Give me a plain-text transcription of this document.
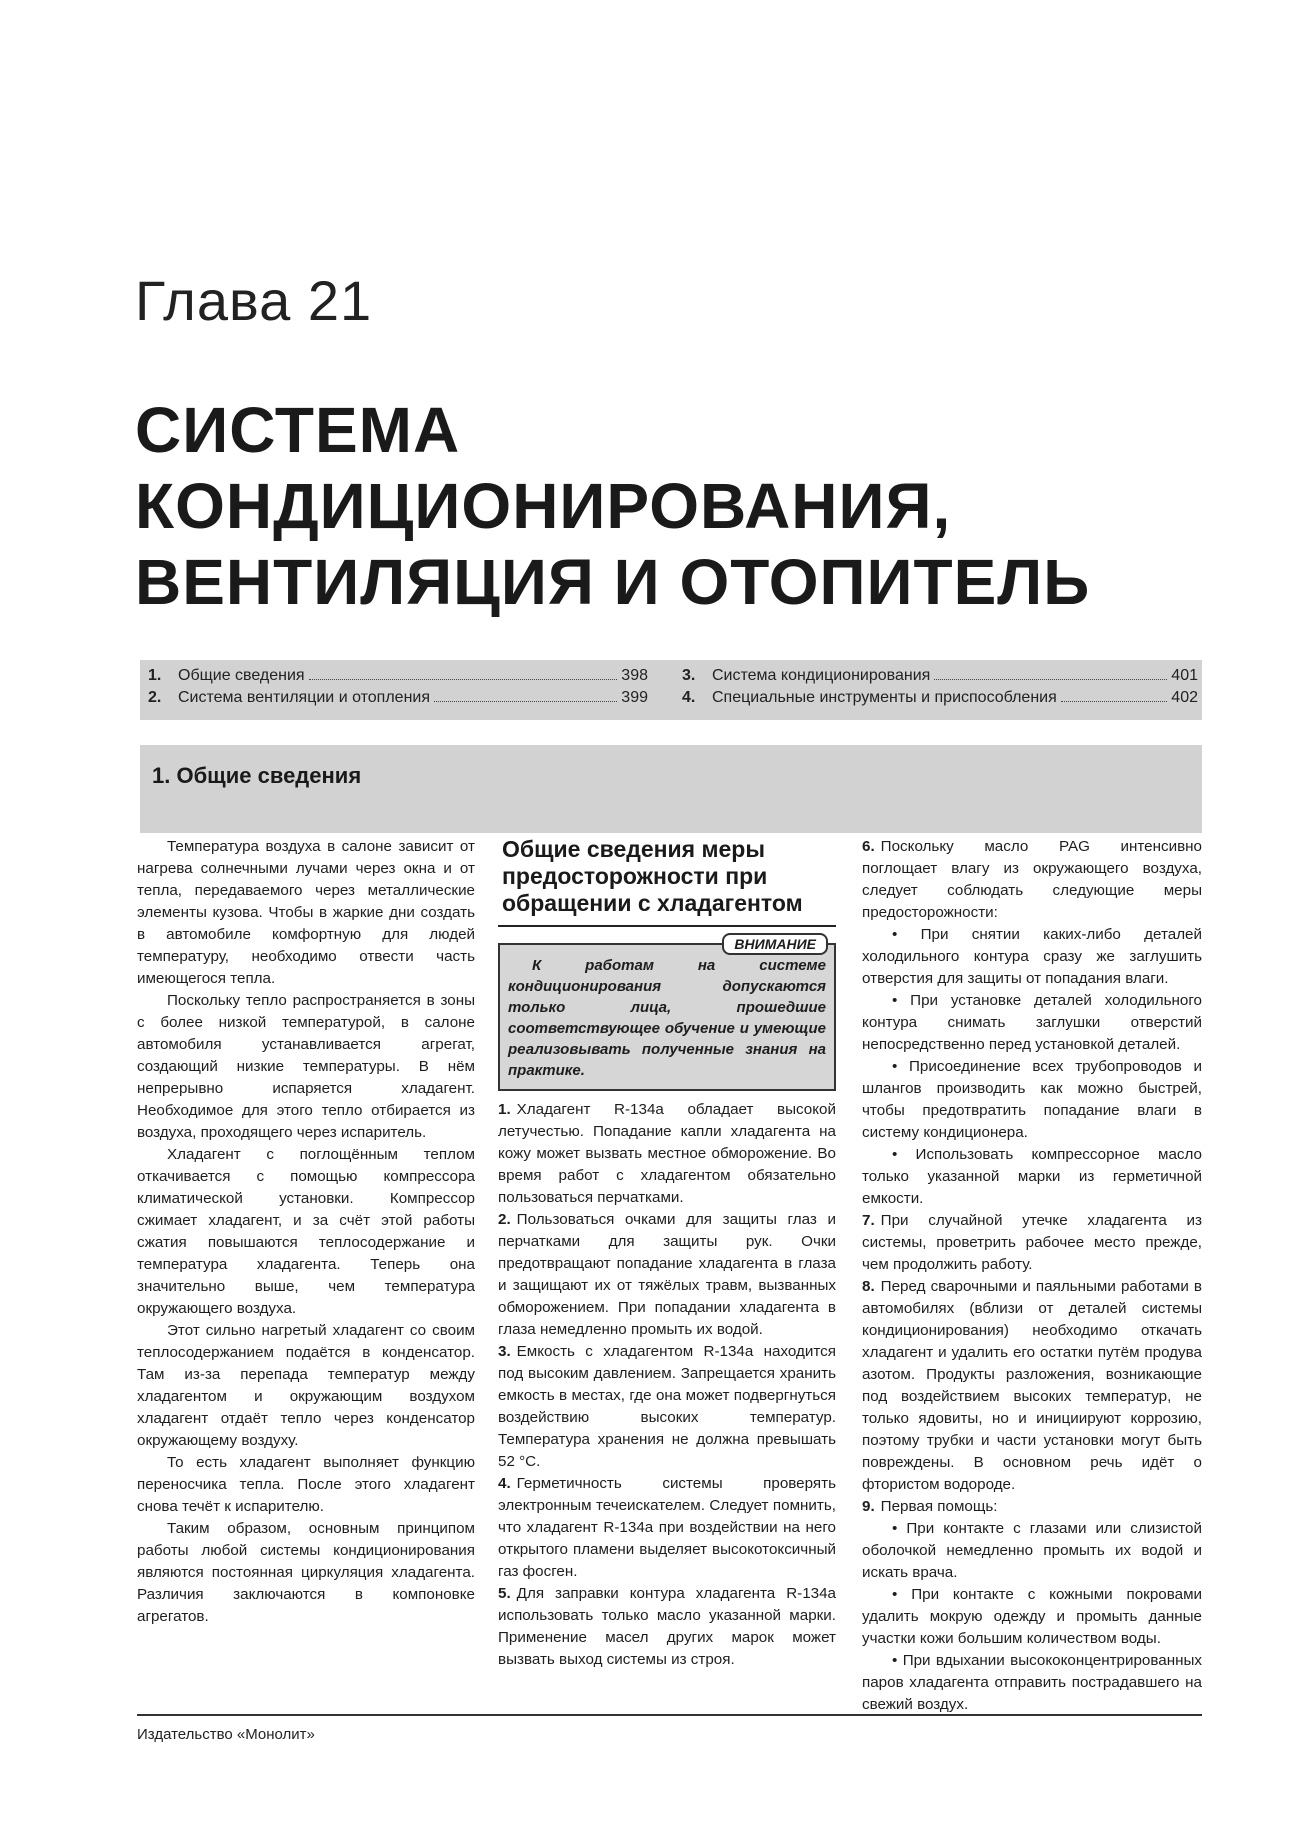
Глава 21
СИСТЕМА
КОНДИЦИОНИРОВАНИЯ,
ВЕНТИЛЯЦИЯ И ОТОПИТЕЛЬ
1.	Общие сведения	398
2.	Система вентиляции и отопления	399
3.	Система кондиционирования	401
4.	Специальные инструменты и приспособления	402
1. Общие сведения

Температура воздуха в салоне зависит от нагрева солнечными лучами через окна и от тепла, передаваемого через металлические элементы кузова. Чтобы в жаркие дни создать в автомобиле комфортную для людей температуру, необходимо отвести часть имеющегося тепла.

Поскольку тепло распространяется в зоны с более низкой температурой, в салоне автомобиля устанавливается агрегат, создающий низкие температуры. В нём непрерывно испаряется хладагент. Необходимое для этого тепло отбирается из воздуха, проходящего через испаритель.

Хладагент с поглощённым теплом откачивается с помощью компрессора климатической установки. Компрессор сжимает хладагент, и за счёт этой работы сжатия повышаются теплосодержание и температура хладагента. Теперь она значительно выше, чем температура окружающего воздуха.

Этот сильно нагретый хладагент со своим теплосодержанием подаётся в конденсатор. Там из-за перепада температур между хладагентом и окружающим воздухом хладагент отдаёт тепло через конденсатор окружающему воздуху.

То есть хладагент выполняет функцию переносчика тепла. После этого хладагент снова течёт к испарителю.

Таким образом, основным принципом работы любой системы кондиционирования являются постоянная циркуляция хладагента. Различия заключаются в компоновке агрегатов.

Общие сведения меры предосторожности при обращении с хладагентом
ВНИМАНИЕ
К работам на системе кондиционирования допускаются только лица, прошедшие соответствующее обучение и умеющие реализовывать полученные знания на практике.

1. Хладагент R-134a обладает высокой летучестью. Попадание капли хладагента на кожу может вызвать местное обморожение. Во время работ с хладагентом обязательно пользоваться перчатками.

2. Пользоваться очками для защиты глаз и перчатками для защиты рук. Очки предотвращают попадание хладагента в глаза и защищают их от тяжёлых травм, вызванных обморожением. При попадании хладагента в глаза немедленно промыть их водой.

3. Емкость с хладагентом R-134a находится под высоким давлением. Запрещается хранить емкость в местах, где она может подвергнуться воздействию высоких температур. Температура хранения не должна превышать 52 °С.

4. Герметичность системы проверять электронным течеискателем. Следует помнить, что хладагент R-134a при воздействии на него открытого пламени выделяет высокотоксичный газ фосген.

5. Для заправки контура хладагента R-134a использовать только масло указанной марки. Применение масел других марок может вызвать выход системы из строя.

6. Поскольку масло PAG интенсивно поглощает влагу из окружающего воздуха, следует соблюдать следующие меры предосторожности:

• При снятии каких-либо деталей холодильного контура сразу же заглушить отверстия для защиты от попадания влаги.

• При установке деталей холодильного контура снимать заглушки отверстий непосредственно перед установкой деталей.

• Присоединение всех трубопроводов и шлангов производить как можно быстрей, чтобы предотвратить попадание влаги в систему кондиционера.

• Использовать компрессорное масло только указанной марки из герметичной емкости.

7. При случайной утечке хладагента из системы, проветрить рабочее место прежде, чем продолжить работу.

8. Перед сварочными и паяльными работами в автомобилях (вблизи от деталей системы кондиционирования) необходимо откачать хладагент и удалить его остатки путём продува азотом. Продукты разложения, возникающие под воздействием высоких температур, не только ядовиты, но и инициируют коррозию, поэтому трубки и части установки могут быть повреждены. В основном речь идёт о фтористом водороде.

9. Первая помощь:

• При контакте с глазами или слизистой оболочкой немедленно промыть их водой и искать врача.

• При контакте с кожными покровами удалить мокрую одежду и промыть данные участки кожи большим количеством воды.

• При вдыхании высококонцентрированных паров хладагента отправить пострадавшего на свежий воздух.

Издательство «Монолит»
